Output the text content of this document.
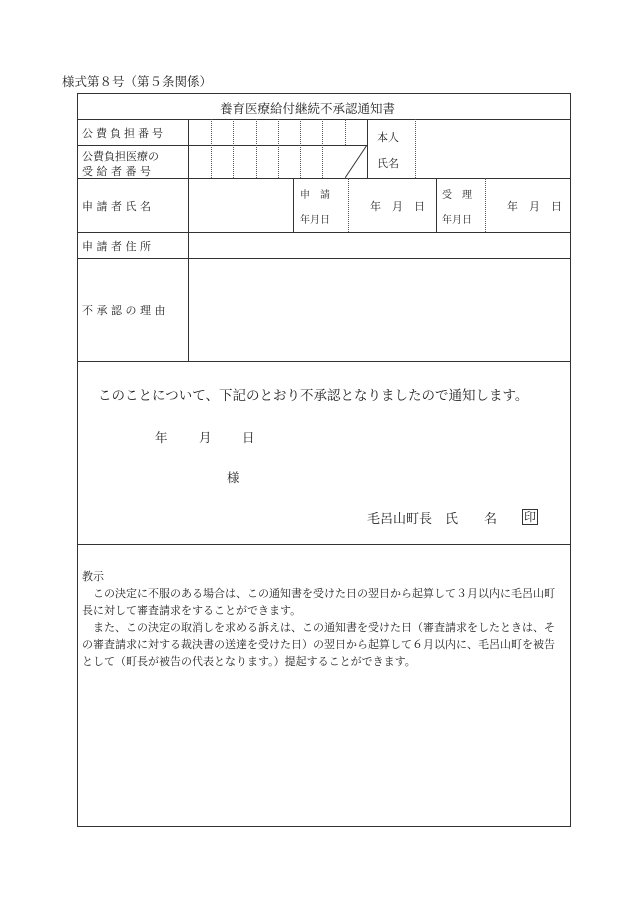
様式第８号（第５条関係）
養育医療給付継続不承認通知書
公費負担番号
公費負担医療の
受 給 者 番 号
本人
氏名
申 請 者 氏 名
申　請
年月日
年　月　日
受　理
年月日
年　月　日
申 請 者 住 所
不 承 認 の 理 由
このことについて、下記のとおり不承認となりましたので通知します。
年	月 日
様
毛呂山町長　氏　　名 印

教示

この決定に不服のある場合は、この通知書を受けた日の翌日から起算して３月以内に毛呂山町長に対して審査請求をすることができます。

また、この決定の取消しを求める訴えは、この通知書を受けた日（審査請求をしたときは、その審査請求に対する裁決書の送達を受けた日）の翌日から起算して６月以内に、毛呂山町を被告として（町長が被告の代表となります。）提起することができます。
